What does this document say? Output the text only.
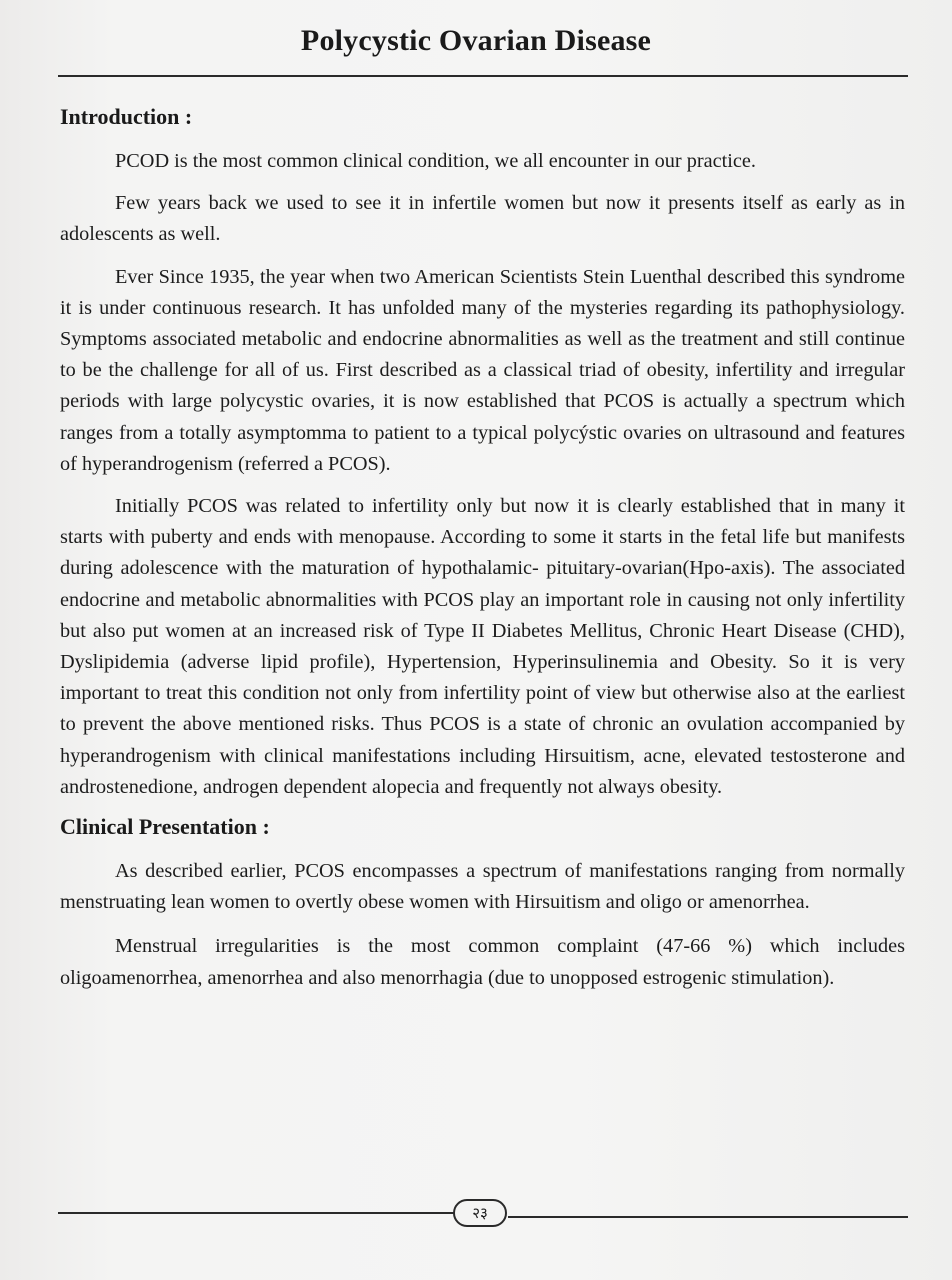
Polycystic Ovarian Disease
Introduction :

PCOD is the most common clinical condition, we all encounter in our practice.

Few years back we used to see it in infertile women but now it presents itself as early as in adolescents as well.

Ever Since 1935, the year when two American Scientists Stein Luenthal described this syndrome it is under continuous research. It has unfolded many of the mysteries regarding its pathophysiology. Symptoms associated metabolic and endocrine abnormalities as well as the treatment and still continue to be the challenge for all of us. First described as a classical triad of obesity, infertility and irregular periods with large polycystic ovaries, it is now established that PCOS is actually a spectrum which ranges from a totally asymptomma to patient to a typical polycýstic ovaries on ultrasound and features of hyperandrogenism (referred a PCOS).

Initially PCOS was related to infertility only but now it is clearly established that in many it starts with puberty and ends with menopause. According to some it starts in the fetal life but manifests during adolescence with the maturation of hypothalamic- pituitary-ovarian(Hpo-axis). The associated endocrine and metabolic abnormalities with PCOS play an important role in causing not only infertility but also put women at an increased risk of Type II Diabetes Mellitus, Chronic Heart Disease (CHD), Dyslipidemia (adverse lipid profile), Hypertension, Hyperinsulinemia and Obesity. So it is very important to treat this condition not only from infertility point of view but otherwise also at the earliest to prevent the above mentioned risks. Thus PCOS is a state of chronic an ovulation accompanied by hyperandrogenism with clinical manifestations including Hirsuitism, acne, elevated testosterone and androstenedione, androgen dependent alopecia and frequently not always obesity.

Clinical Presentation :

As described earlier, PCOS encompasses a spectrum of manifestations ranging from normally menstruating lean women to overtly obese women with Hirsuitism and oligo or amenorrhea.

Menstrual irregularities is the most common complaint (47-66 %) which includes oligoamenorrhea, amenorrhea and also menorrhagia (due to unopposed estrogenic stimulation).

२३
